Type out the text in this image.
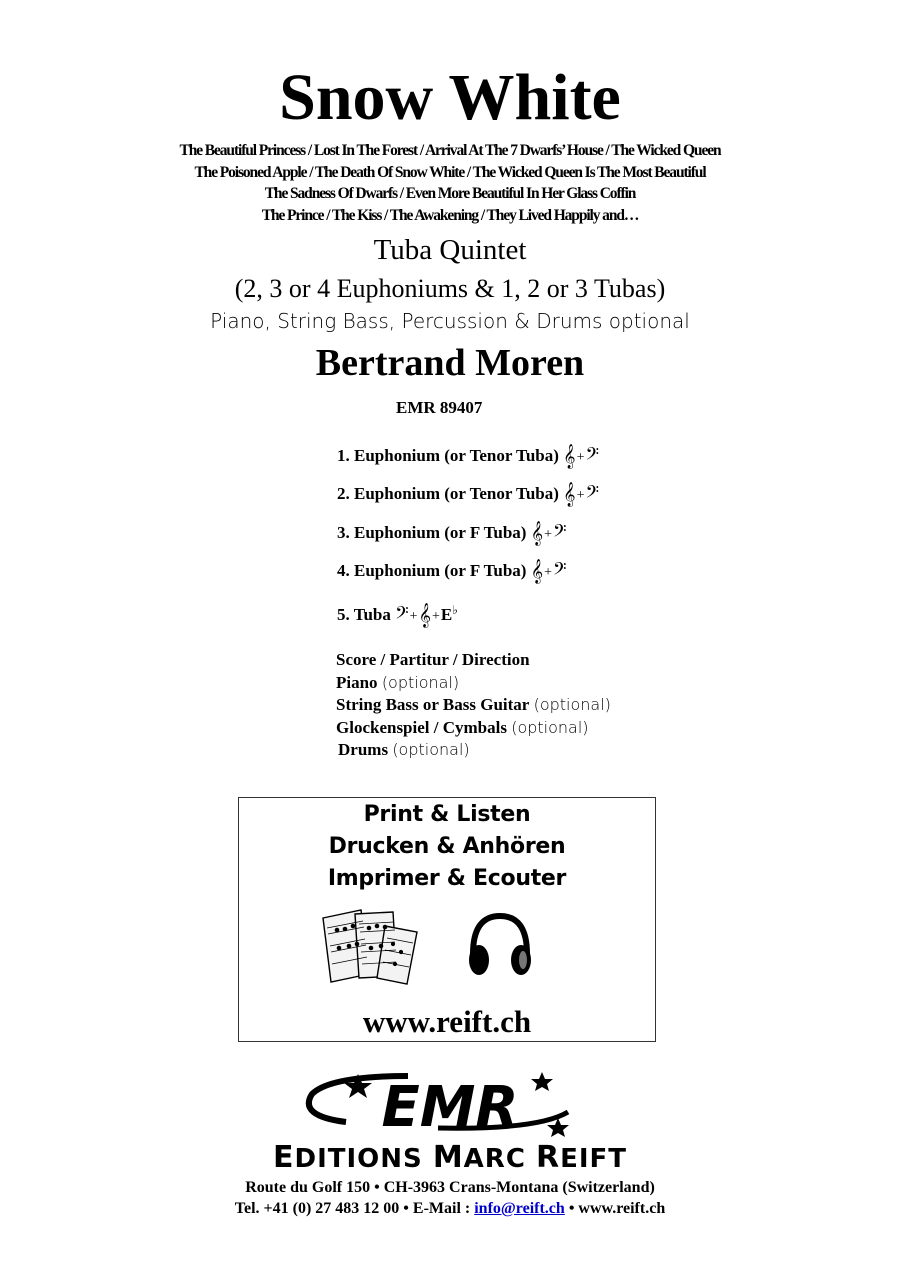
Snow White
The Beautiful Princess / Lost In The Forest / Arrival At The 7 Dwarfs’ House / The Wicked Queen
The Poisoned Apple / The Death Of Snow White / The Wicked Queen Is The Most Beautiful
The Sadness Of Dwarfs / Even More Beautiful In Her Glass Coffin
The Prince / The Kiss / The Awakening / They Lived Happily and…
Tuba Quintet
(2, 3 or 4 Euphoniums & 1, 2 or 3 Tubas)
Piano, String Bass, Percussion & Drums optional
Bertrand Moren
EMR 89407
1. Euphonium (or Tenor Tuba) 𝄞+𝄢
2. Euphonium (or Tenor Tuba) 𝄞+𝄢
3. Euphonium (or F Tuba) 𝄞+𝄢
4. Euphonium (or F Tuba) 𝄞+𝄢
5. Tuba 𝄢+𝄞+E♭
Score / Partitur / Direction
Piano (optional)
String Bass or Bass Guitar (optional)
Glockenspiel / Cymbals (optional)
Drums (optional)
Print & Listen
Drucken & Anhören
Imprimer & Ecouter
www.reift.ch
EMR
EDITIONS MARC REIFT
Route du Golf 150 • CH-3963 Crans-Montana (Switzerland)
Tel. +41 (0) 27 483 12 00 • E-Mail : info@reift.ch • www.reift.ch
